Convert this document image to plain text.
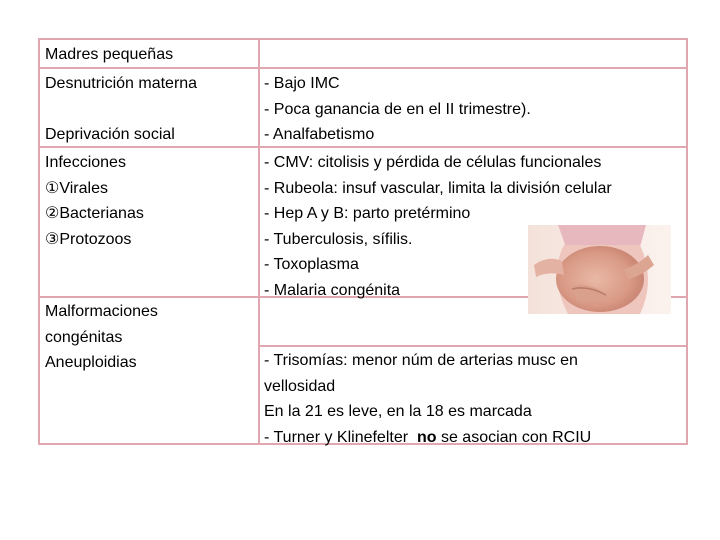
Madres pequeñas
Desnutrición materna

Deprivación social
- Bajo IMC
- Poca ganancia de en el II trimestre).
- Analfabetismo
Infecciones
①Virales
②Bacterianas
③Protozoos
- CMV: citolisis y pérdida de células funcionales
- Rubeola: insuf vascular, limita la división celular
- Hep A y B: parto pretérmino
- Tuberculosis, sífilis.
- Toxoplasma
- Malaria congénita
Malformaciones
congénitas
Aneuploidias	- Trisomías: menor núm de arterias musc en
vellosidad
En la 21 es leve, en la 18 es marcada
- Turner y Klinefelter  no se asocian con RCIU
